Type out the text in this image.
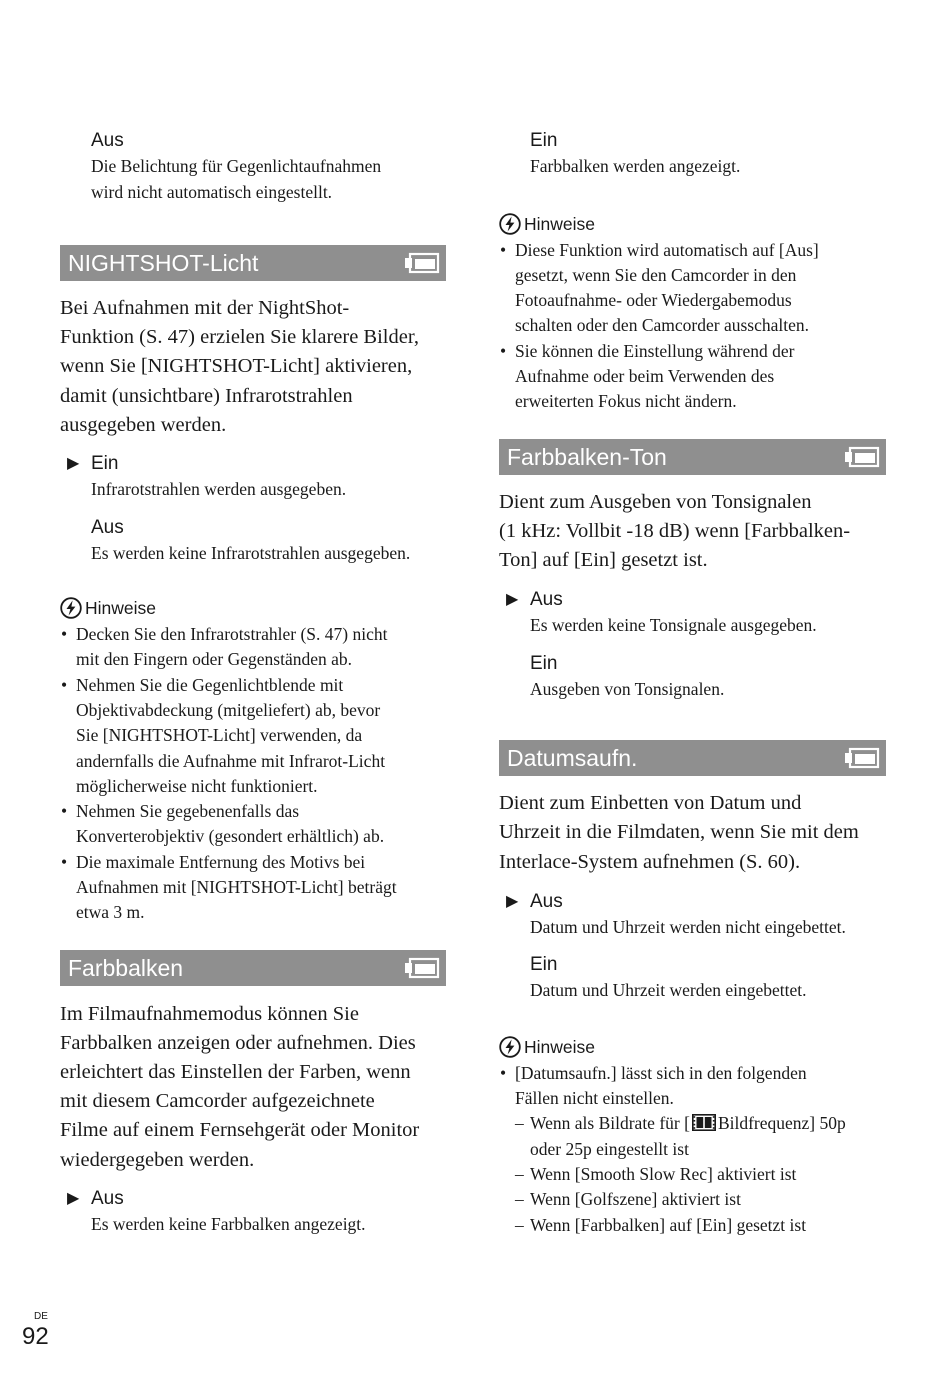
Aus
Die Belichtung für Gegenlichtaufnahmen
wird nicht automatisch eingestellt.
NIGHTSHOT-Licht

Bei Aufnahmen mit der NightShot-

Funktion (S. 47) erzielen Sie klarere Bilder,

wenn Sie [NIGHTSHOT-Licht] aktivieren,

damit (unsichtbare) Infrarotstrahlen

ausgegeben werden.

▶ Ein
Infrarotstrahlen werden ausgegeben.
Aus
Es werden keine Infrarotstrahlen ausgegeben.
Hinweise
• Decken Sie den Infrarotstrahler (S. 47) nicht
mit den Fingern oder Gegenständen ab.
• Nehmen Sie die Gegenlichtblende mit
Objektivabdeckung (mitgeliefert) ab, bevor
Sie [NIGHTSHOT-Licht] verwenden, da
andernfalls die Aufnahme mit Infrarot-Licht
möglicherweise nicht funktioniert.
• Nehmen Sie gegebenenfalls das
Konverterobjektiv (gesondert erhältlich) ab.
• Die maximale Entfernung des Motivs bei
Aufnahmen mit [NIGHTSHOT-Licht] beträgt
etwa 3 m.
Farbbalken

Im Filmaufnahmemodus können Sie

Farbbalken anzeigen oder aufnehmen. Dies

erleichtert das Einstellen der Farben, wenn

mit diesem Camcorder aufgezeichnete

Filme auf einem Fernsehgerät oder Monitor

wiedergegeben werden.

▶ Aus
Es werden keine Farbbalken angezeigt.
Ein
Farbbalken werden angezeigt.
Hinweise
• Diese Funktion wird automatisch auf [Aus]
gesetzt, wenn Sie den Camcorder in den
Fotoaufnahme- oder Wiedergabemodus
schalten oder den Camcorder ausschalten.
• Sie können die Einstellung während der
Aufnahme oder beim Verwenden des
erweiterten Fokus nicht ändern.
Farbbalken-Ton

Dient zum Ausgeben von Tonsignalen

(1 kHz: Vollbit -18 dB) wenn [Farbbalken-

Ton] auf [Ein] gesetzt ist.

▶ Aus
Es werden keine Tonsignale ausgegeben.
Ein
Ausgeben von Tonsignalen.
Datumsaufn.

Dient zum Einbetten von Datum und

Uhrzeit in die Filmdaten, wenn Sie mit dem

Interlace-System aufnehmen (S. 60).

▶ Aus
Datum und Uhrzeit werden nicht eingebettet.
Ein
Datum und Uhrzeit werden eingebettet.
Hinweise
• [Datumsaufn.] lässt sich in den folgenden
Fällen nicht einstellen.
– Wenn als Bildrate für [ Bildfrequenz] 50p
oder 25p eingestellt ist
– Wenn [Smooth Slow Rec] aktiviert ist
– Wenn [Golfszene] aktiviert ist
– Wenn [Farbbalken] auf [Ein] gesetzt ist
DE
92
